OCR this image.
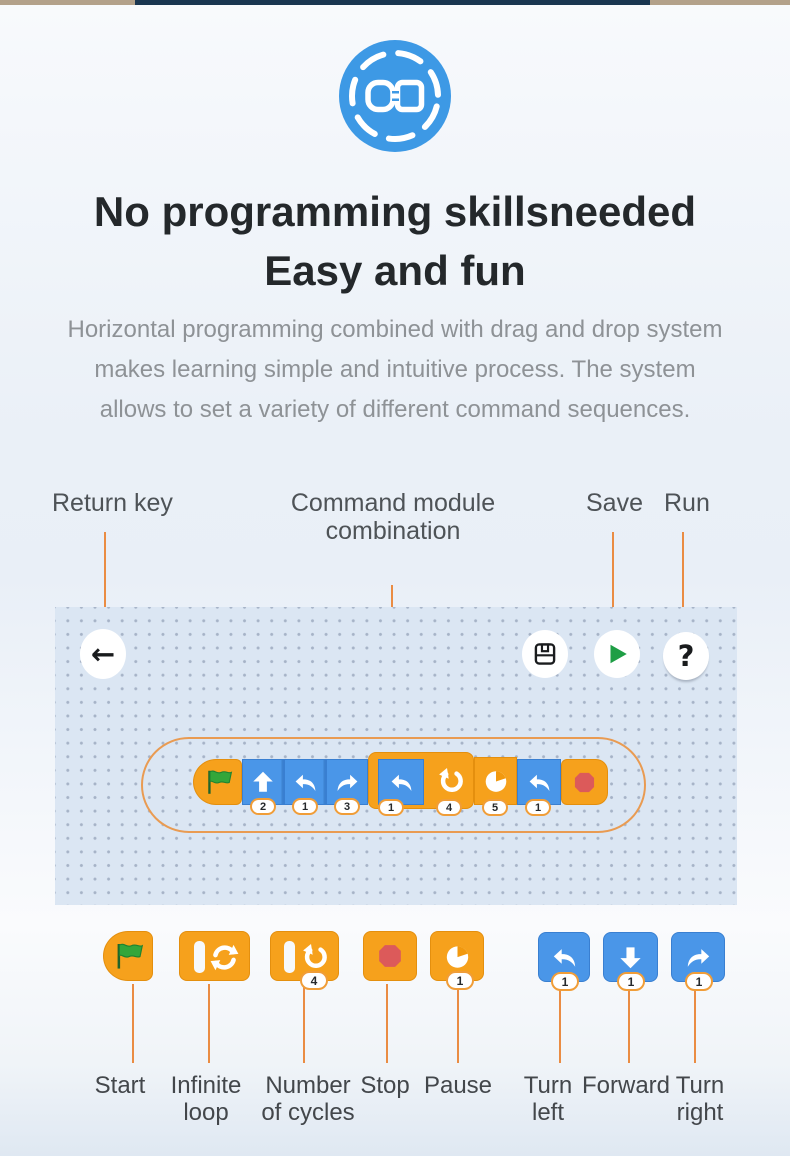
No programming skillsneeded
Easy and fun
Horizontal programming combined with drag and drop system
makes learning simple and intuitive process. The system
allows to set a variety of different command sequences.
Return key	Command module
combination
Save Run
←	?
2	1	3	1	4	5	1
4	1	1	1	1
Start	Infinite
loop
Number
of cycles
Stop Pause	Turn
left
Forward Turn
right
